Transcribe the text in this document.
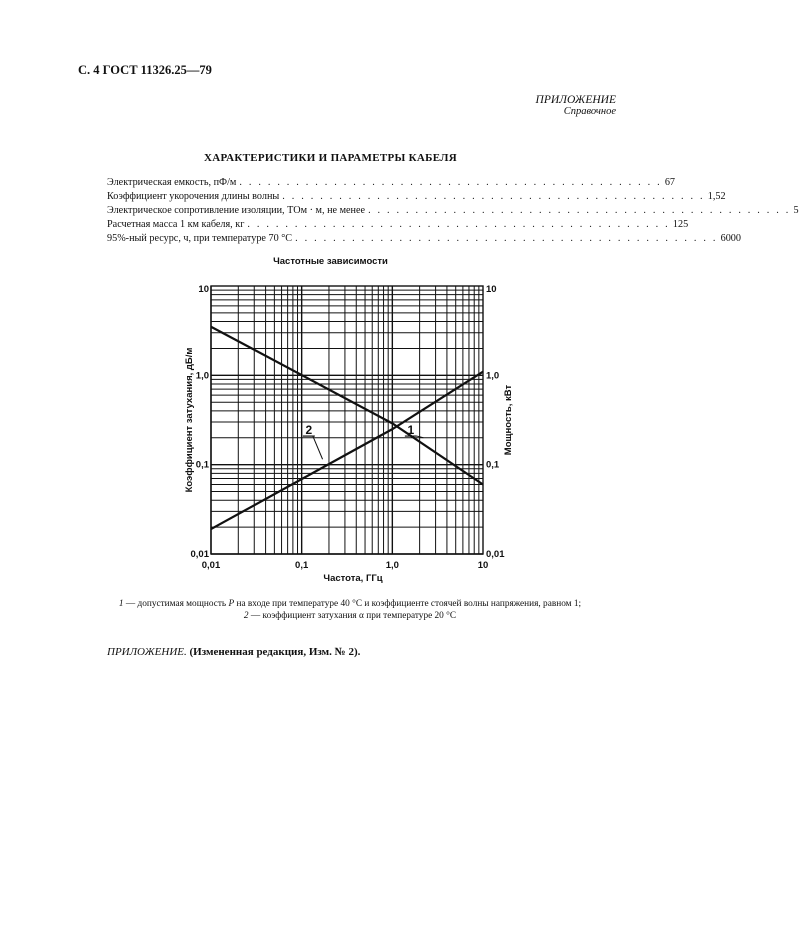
С. 4 ГОСТ 11326.25—79
ПРИЛОЖЕНИЕ
Справочное
ХАРАКТЕРИСТИКИ И ПАРАМЕТРЫ КАБЕЛЯ
Электрическая емкость, пФ/м . . . . . . . . . . . . . . . . . . . . . . . . . . . . . . . . . . . . . . . . . . . . . 67
Коэффициент укорочения длины волны . . . . . . . . . . . . . . . . . . . . . . . . . . . . . . . . . . . . . . . . . . . . . 1,52
Электрическое сопротивление изоляции, ТОм · м, не менее . . . . . . . . . . . . . . . . . . . . . . . . . . . . . . . . . . . . . . . . . . . . . 5
Расчетная масса 1 км кабеля, кг . . . . . . . . . . . . . . . . . . . . . . . . . . . . . . . . . . . . . . . . . . . . . 125
95%-ный ресурс, ч, при температуре 70 °С . . . . . . . . . . . . . . . . . . . . . . . . . . . . . . . . . . . . . . . . . . . . . 6000
Частотные зависимости
0,01	0,1	1,0	10
0,01
0,1
1,0
10
0,01
0,1
1,0
10
Частота, ГГц
Коэффициент затухания, дБ/м	Мощность, кВт
2	1
1 — допустимая мощность P на входе при температуре 40 °С и коэффициенте стоячей волны напряжения, равном 1;
2 — коэффициент затухания α при температуре 20 °С
ПРИЛОЖЕНИЕ. (Измененная редакция, Изм. № 2).
